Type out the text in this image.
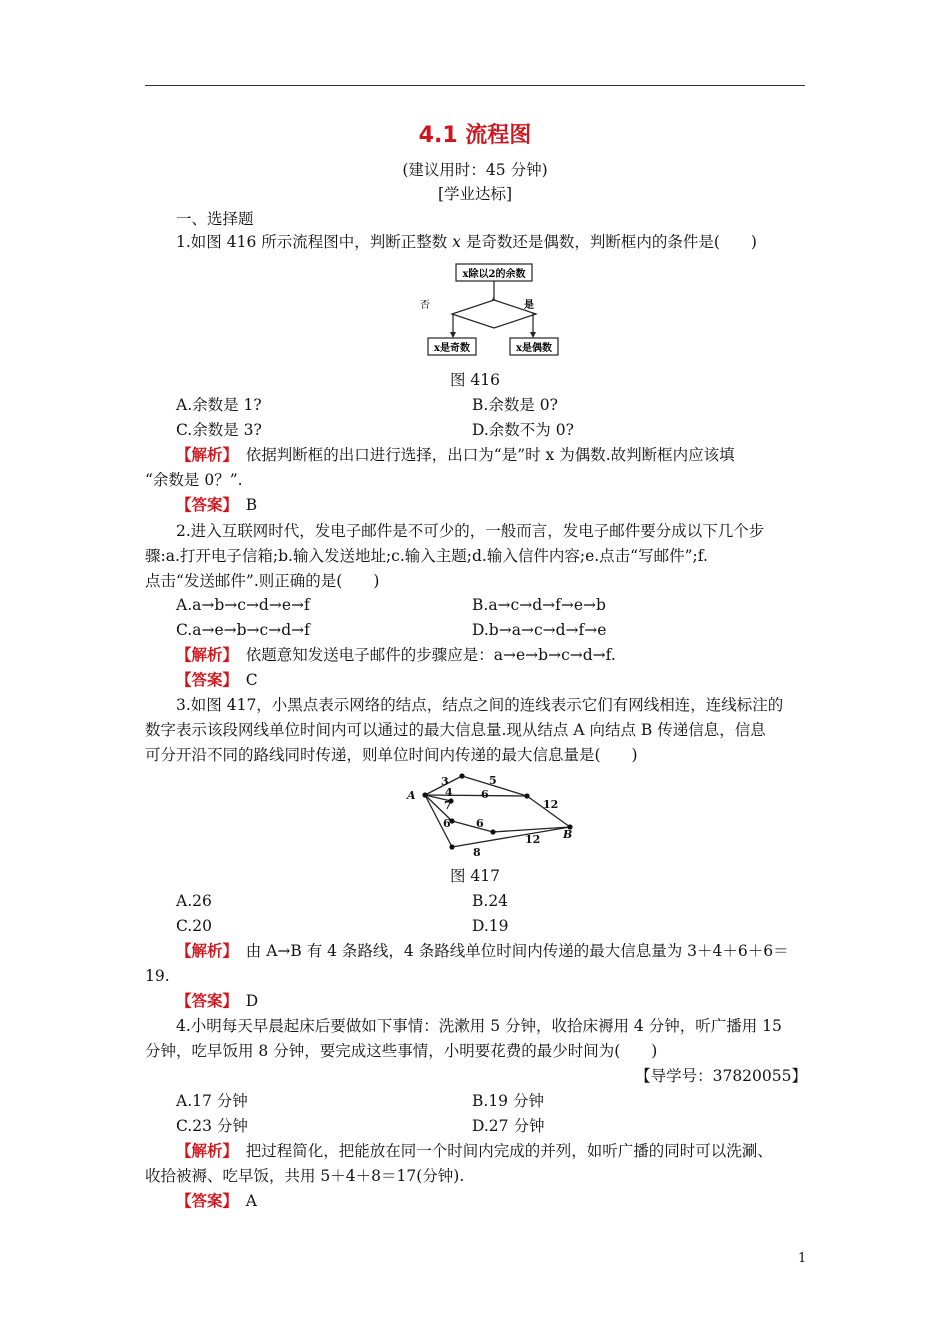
4.1 流程图
(建议用时：45 分钟)
[学业达标]
一、选择题
1.如图 416 所示流程图中，判断正整数 x 是奇数还是偶数，判断框内的条件是(　　)
x除以2的余数
否	是
x是奇数	x是偶数
图 416
A.余数是 1?	B.余数是 0?
C.余数是 3?	D.余数不为 0?
【解析】　 依据判断框的出口进行选择，出口为“是”时 x 为偶数.故判断框内应该填
“余数是 0？”.
【答案】　 B
2.进入互联网时代，发电子邮件是不可少的，一般而言，发电子邮件要分成以下几个步
骤:a.打开电子信箱;b.输入发送地址;c.输入主题;d.输入信件内容;e.点击“写邮件”;f.
点击“发送邮件”.则正确的是(　　)
A.a→b→c→d→e→f	B.a→c→d→f→e→b
C.a→e→b→c→d→f	D.b→a→c→d→f→e
【解析】　 依题意知发送电子邮件的步骤应是：a→e→b→c→d→f.
【答案】　 C
3.如图 417，小黑点表示网络的结点，结点之间的连线表示它们有网线相连，连线标注的
数字表示该段网线单位时间内可以通过的最大信息量.现从结点 A 向结点 B 传递信息，信息
可分开沿不同的路线同时传递，则单位时间内传递的最大信息量是(　　)
A
B
3	5
4	6
7	12
6 6
12
8
图 417
A.26	B.24
C.20	D.19
【解析】　 由 A→B 有 4 条路线，4 条路线单位时间内传递的最大信息量为 3＋4＋6＋6＝
19.
【答案】　 D
4.小明每天早晨起床后要做如下事情：洗漱用 5 分钟，收拾床褥用 4 分钟，听广播用 15
分钟，吃早饭用 8 分钟，要完成这些事情，小明要花费的最少时间为(　　)
【导学号：37820055】
A.17 分钟	B.19 分钟
C.23 分钟	D.27 分钟
【解析】　 把过程简化，把能放在同一个时间内完成的并列，如听广播的同时可以洗涮、
收拾被褥、吃早饭，共用 5＋4＋8＝17(分钟).
【答案】　 A
1
